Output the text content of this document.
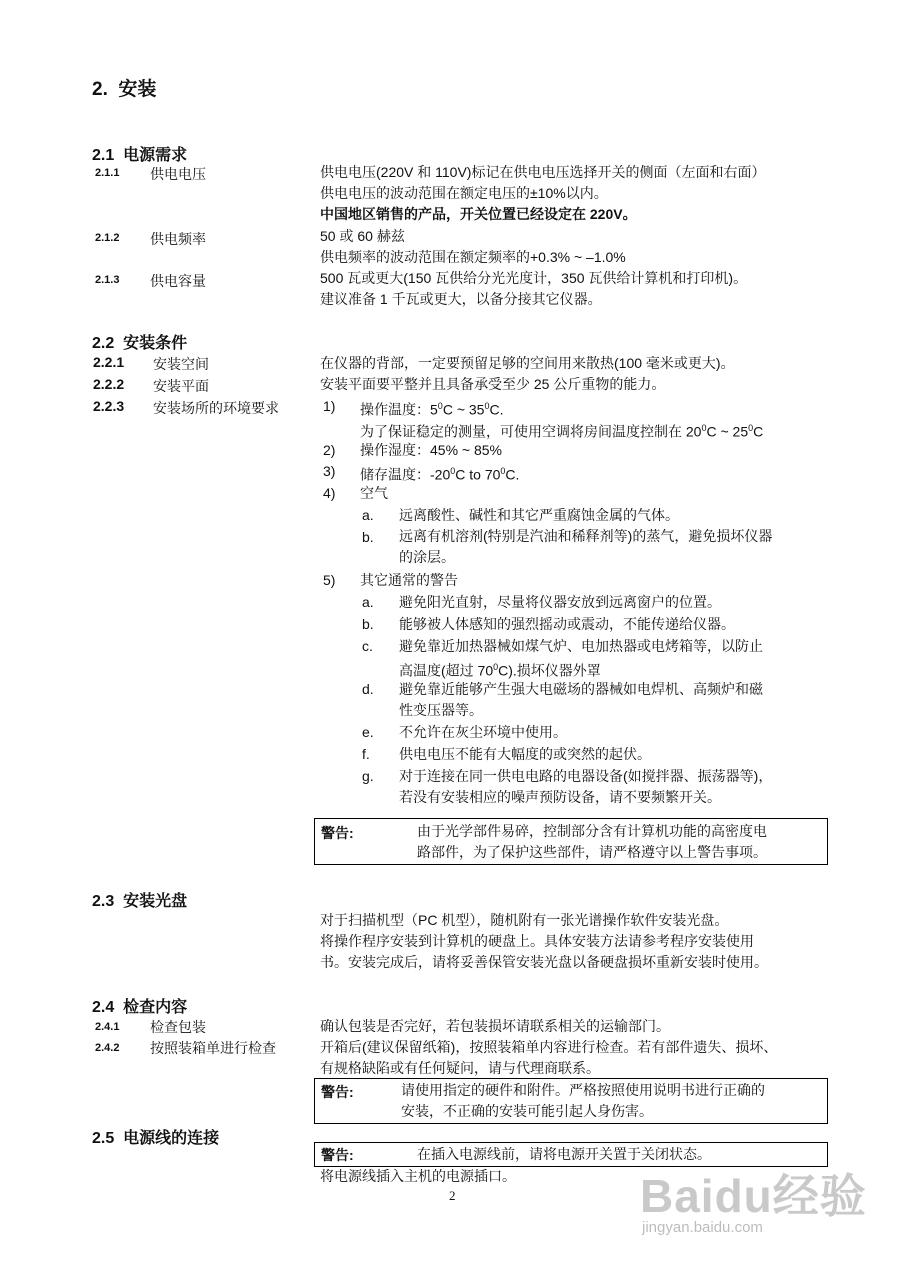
2. 安装
2.1 电源需求
2.1.1 供电电压	供电电压(220V 和 110V)标记在供电电压选择开关的侧面（左面和右面）
供电电压的波动范围在额定电压的±10%以内。
中国地区销售的产品，开关位置已经设定在 220V。
2.1.2 供电频率	50 或 60 赫兹
供电频率的波动范围在额定频率的+0.3% ~ –1.0%
2.1.3 供电容量	500 瓦或更大(150 瓦供给分光光度计，350 瓦供给计算机和打印机)。
建议准备 1 千瓦或更大，以备分接其它仪器。
2.2 安装条件
2.2.1 安装空间	在仪器的背部，一定要预留足够的空间用来散热(100 毫米或更大)。
2.2.2 安装平面	安装平面要平整并且具备承受至少 25 公斤重物的能力。
2.2.3 安装场所的环境要求	1) 操作温度：$5^0C$ ~ $35^0C$.
为了保证稳定的测量，可使用空调将房间温度控制在 $20^0C$ ~ $25^0C$
2) 操作湿度：45% ~ 85%
3) 储存温度：$-20^0C$ to $70^0C$.
4) 空气
a. 远离酸性、碱性和其它严重腐蚀金属的气体。
b. 远离有机溶剂(特别是汽油和稀释剂等)的蒸气，避免损坏仪器
的涂层。
5) 其它通常的警告
a. 避免阳光直射，尽量将仪器安放到远离窗户的位置。
b. 能够被人体感知的强烈摇动或震动，不能传递给仪器。
c. 避免靠近加热器械如煤气炉、电加热器或电烤箱等，以防止
高温度(超过 $70^0C$).损坏仪器外罩
d. 避免靠近能够产生强大电磁场的器械如电焊机、高频炉和磁
性变压器等。
e. 不允许在灰尘环境中使用。
f. 供电电压不能有大幅度的或突然的起伏。
g. 对于连接在同一供电电路的电器设备(如搅拌器、振荡器等)，
若没有安装相应的噪声预防设备，请不要频繁开关。
警告:	由于光学部件易碎，控制部分含有计算机功能的高密度电
路部件，为了保护这些部件，请严格遵守以上警告事项。
2.3 安装光盘
对于扫描机型（PC 机型），随机附有一张光谱操作软件安装光盘。
将操作程序安装到计算机的硬盘上。具体安装方法请参考程序安装使用
书。安装完成后，请将妥善保管安装光盘以备硬盘损坏重新安装时使用。
2.4 检查内容
2.4.1 检查包装	确认包装是否完好，若包装损坏请联系相关的运输部门。
2.4.2 按照装箱单进行检查	开箱后(建议保留纸箱)，按照装箱单内容进行检查。若有部件遗失、损坏、
有规格缺陷或有任何疑问，请与代理商联系。
警告:	请使用指定的硬件和附件。严格按照使用说明书进行正确的
安装，不正确的安装可能引起人身伤害。
2.5 电源线的连接
警告:	在插入电源线前，请将电源开关置于关闭状态。
将电源线插入主机的电源插口。
2	Baidu经验
jingyan.baidu.com
